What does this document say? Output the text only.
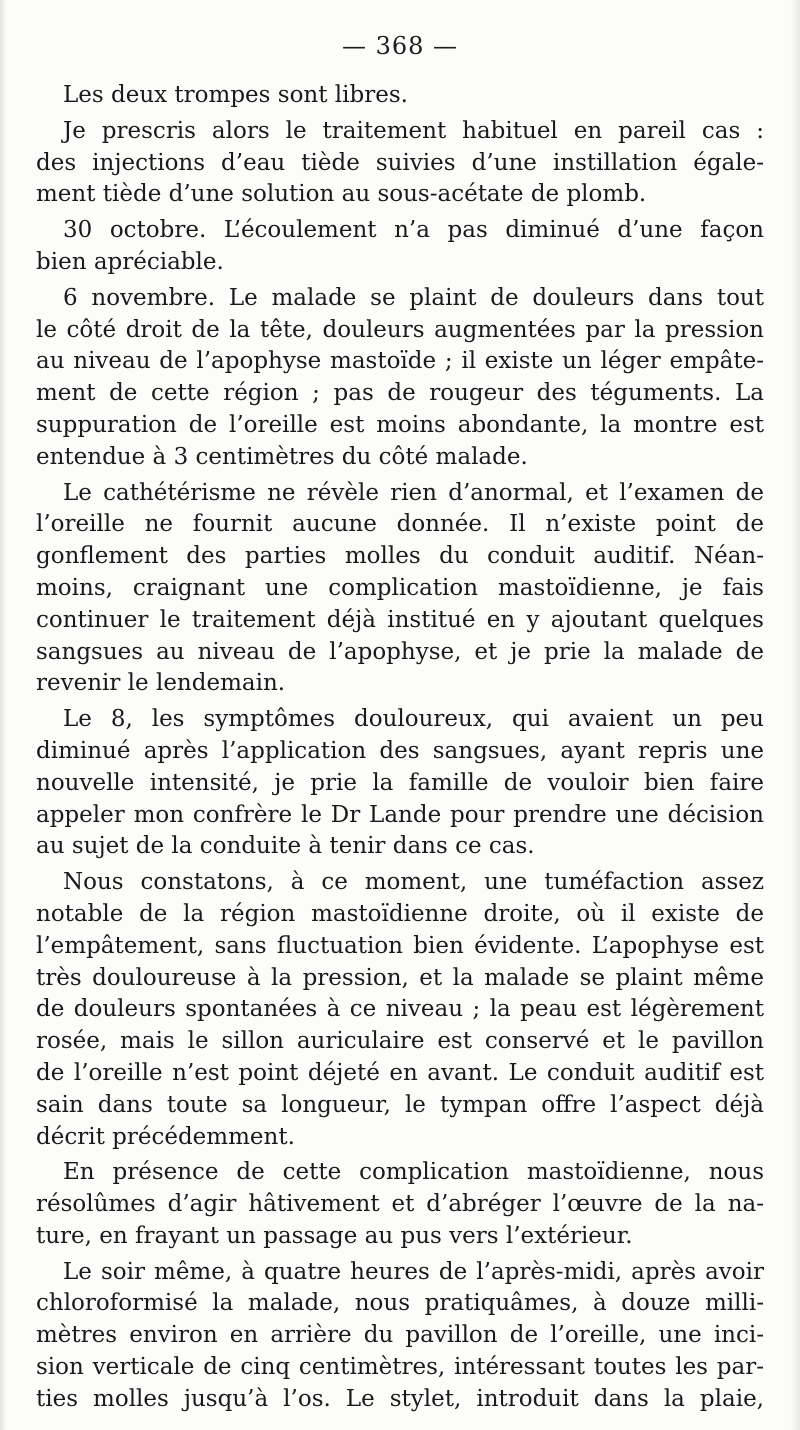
— 368 —
Les deux trompes sont libres.
Je prescris alors le traitement habituel en pareil cas :
des injections d’eau tiède suivies d’une instillation égale-
ment tiède d’une solution au sous-acétate de plomb.
30 octobre. L’écoulement n’a pas diminué d’une façon
bien apréciable.
6 novembre. Le malade se plaint de douleurs dans tout
le côté droit de la tête, douleurs augmentées par la pression
au niveau de l’apophyse mastoïde ; il existe un léger empâte-
ment de cette région ; pas de rougeur des téguments. La
suppuration de l’oreille est moins abondante, la montre est
entendue à 3 centimètres du côté malade.
Le cathétérisme ne révèle rien d’anormal, et l’examen de
l’oreille ne fournit aucune donnée. Il n’existe point de
gonflement des parties molles du conduit auditif. Néan-
moins, craignant une complication mastoïdienne, je fais
continuer le traitement déjà institué en y ajoutant quelques
sangsues au niveau de l’apophyse, et je prie la malade de
revenir le lendemain.
Le 8, les symptômes douloureux, qui avaient un peu
diminué après l’application des sangsues, ayant repris une
nouvelle intensité, je prie la famille de vouloir bien faire
appeler mon confrère le Dr Lande pour prendre une décision
au sujet de la conduite à tenir dans ce cas.
Nous constatons, à ce moment, une tuméfaction assez
notable de la région mastoïdienne droite, où il existe de
l’empâtement, sans fluctuation bien évidente. L’apophyse est
très douloureuse à la pression, et la malade se plaint même
de douleurs spontanées à ce niveau ; la peau est légèrement
rosée, mais le sillon auriculaire est conservé et le pavillon
de l’oreille n’est point déjeté en avant. Le conduit auditif est
sain dans toute sa longueur, le tympan offre l’aspect déjà
décrit précédemment.
En présence de cette complication mastoïdienne, nous
résolûmes d’agir hâtivement et d’abréger l’œuvre de la na-
ture, en frayant un passage au pus vers l’extérieur.
Le soir même, à quatre heures de l’après-midi, après avoir
chloroformisé la malade, nous pratiquâmes, à douze milli-
mètres environ en arrière du pavillon de l’oreille, une inci-
sion verticale de cinq centimètres, intéressant toutes les par-
ties molles jusqu’à l’os. Le stylet, introduit dans la plaie,
